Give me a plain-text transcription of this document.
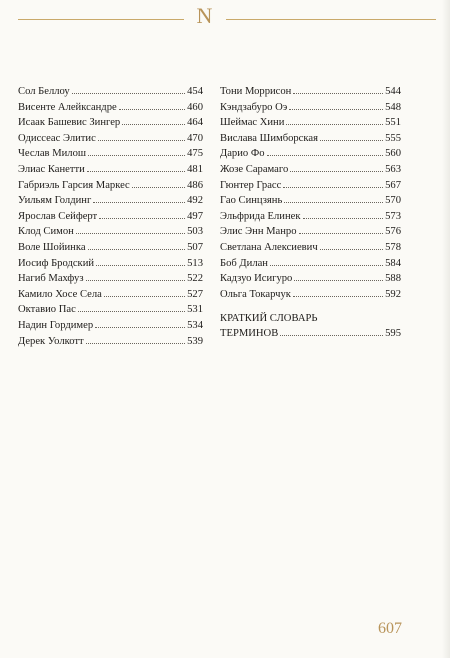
N
Сол Беллоу	454
Висенте Алейксандре	460
Исаак Башевис Зингер	464
Одиссеас Элитис	470
Чеслав Милош	475
Элиас Канетти	481
Габриэль Гарсия Маркес	486
Уильям Голдинг	492
Ярослав Сейферт	497
Клод Симон	503
Воле Шойинка	507
Иосиф Бродский	513
Нагиб Махфуз	522
Камило Хосе Села	527
Октавио Пас	531
Надин Гордимер	534
Дерек Уолкотт	539
Тони Моррисон	544
Кэндзабуро Оэ	548
Шеймас Хини	551
Вислава Шимборская	555
Дарио Фо	560
Жозе Сарамаго	563
Гюнтер Грасс	567
Гао Синцзянь	570
Эльфрида Елинек	573
Элис Энн Манро	576
Светлана Алексиевич	578
Боб Дилан	584
Кадзуо Исигуро	588
Ольга Токарчук	592
КРАТКИЙ СЛОВАРЬ
ТЕРМИНОВ	595
607
